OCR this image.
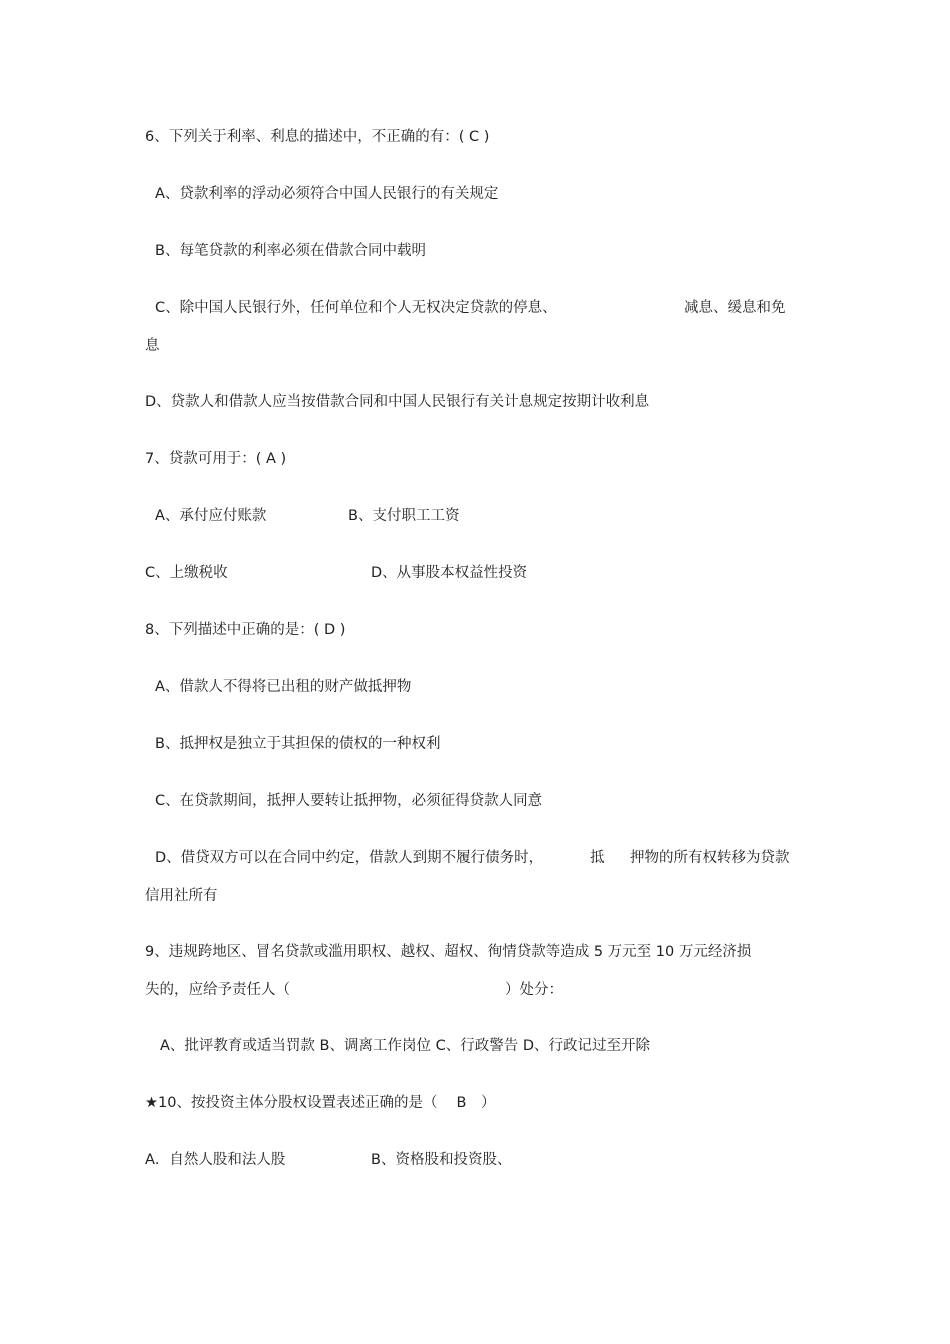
6、下列关于利率、利息的描述中，不正确的有：( C )
A、贷款利率的浮动必须符合中国人民银行的有关规定
B、每笔贷款的利率必须在借款合同中载明
C、除中国人民银行外，任何单位和个人无权决定贷款的停息、	减息、缓息和免
息
D、贷款人和借款人应当按借款合同和中国人民银行有关计息规定按期计收利息
7、贷款可用于：( A )
A、承付应付账款	B、支付职工工资
C、上缴税收	D、从事股本权益性投资
8、下列描述中正确的是：( D )
A、借款人不得将已出租的财产做抵押物
B、抵押权是独立于其担保的债权的一种权利
C、在贷款期间，抵押人要转让抵押物，必须征得贷款人同意
D、借贷双方可以在合同中约定，借款人到期不履行债务时，	抵 押物的所有权转移为贷款
信用社所有
9、违规跨地区、冒名贷款或滥用职权、越权、超权、徇情贷款等造成 5 万元至 10 万元经济损
失的，应给予责任人（	）处分：
A、批评教育或适当罚款 B、调离工作岗位 C、行政警告 D、行政记过至开除
★10、按投资主体分股权设置表述正确的是（　 B　）
A．自然人股和法人股	B、资格股和投资股、
